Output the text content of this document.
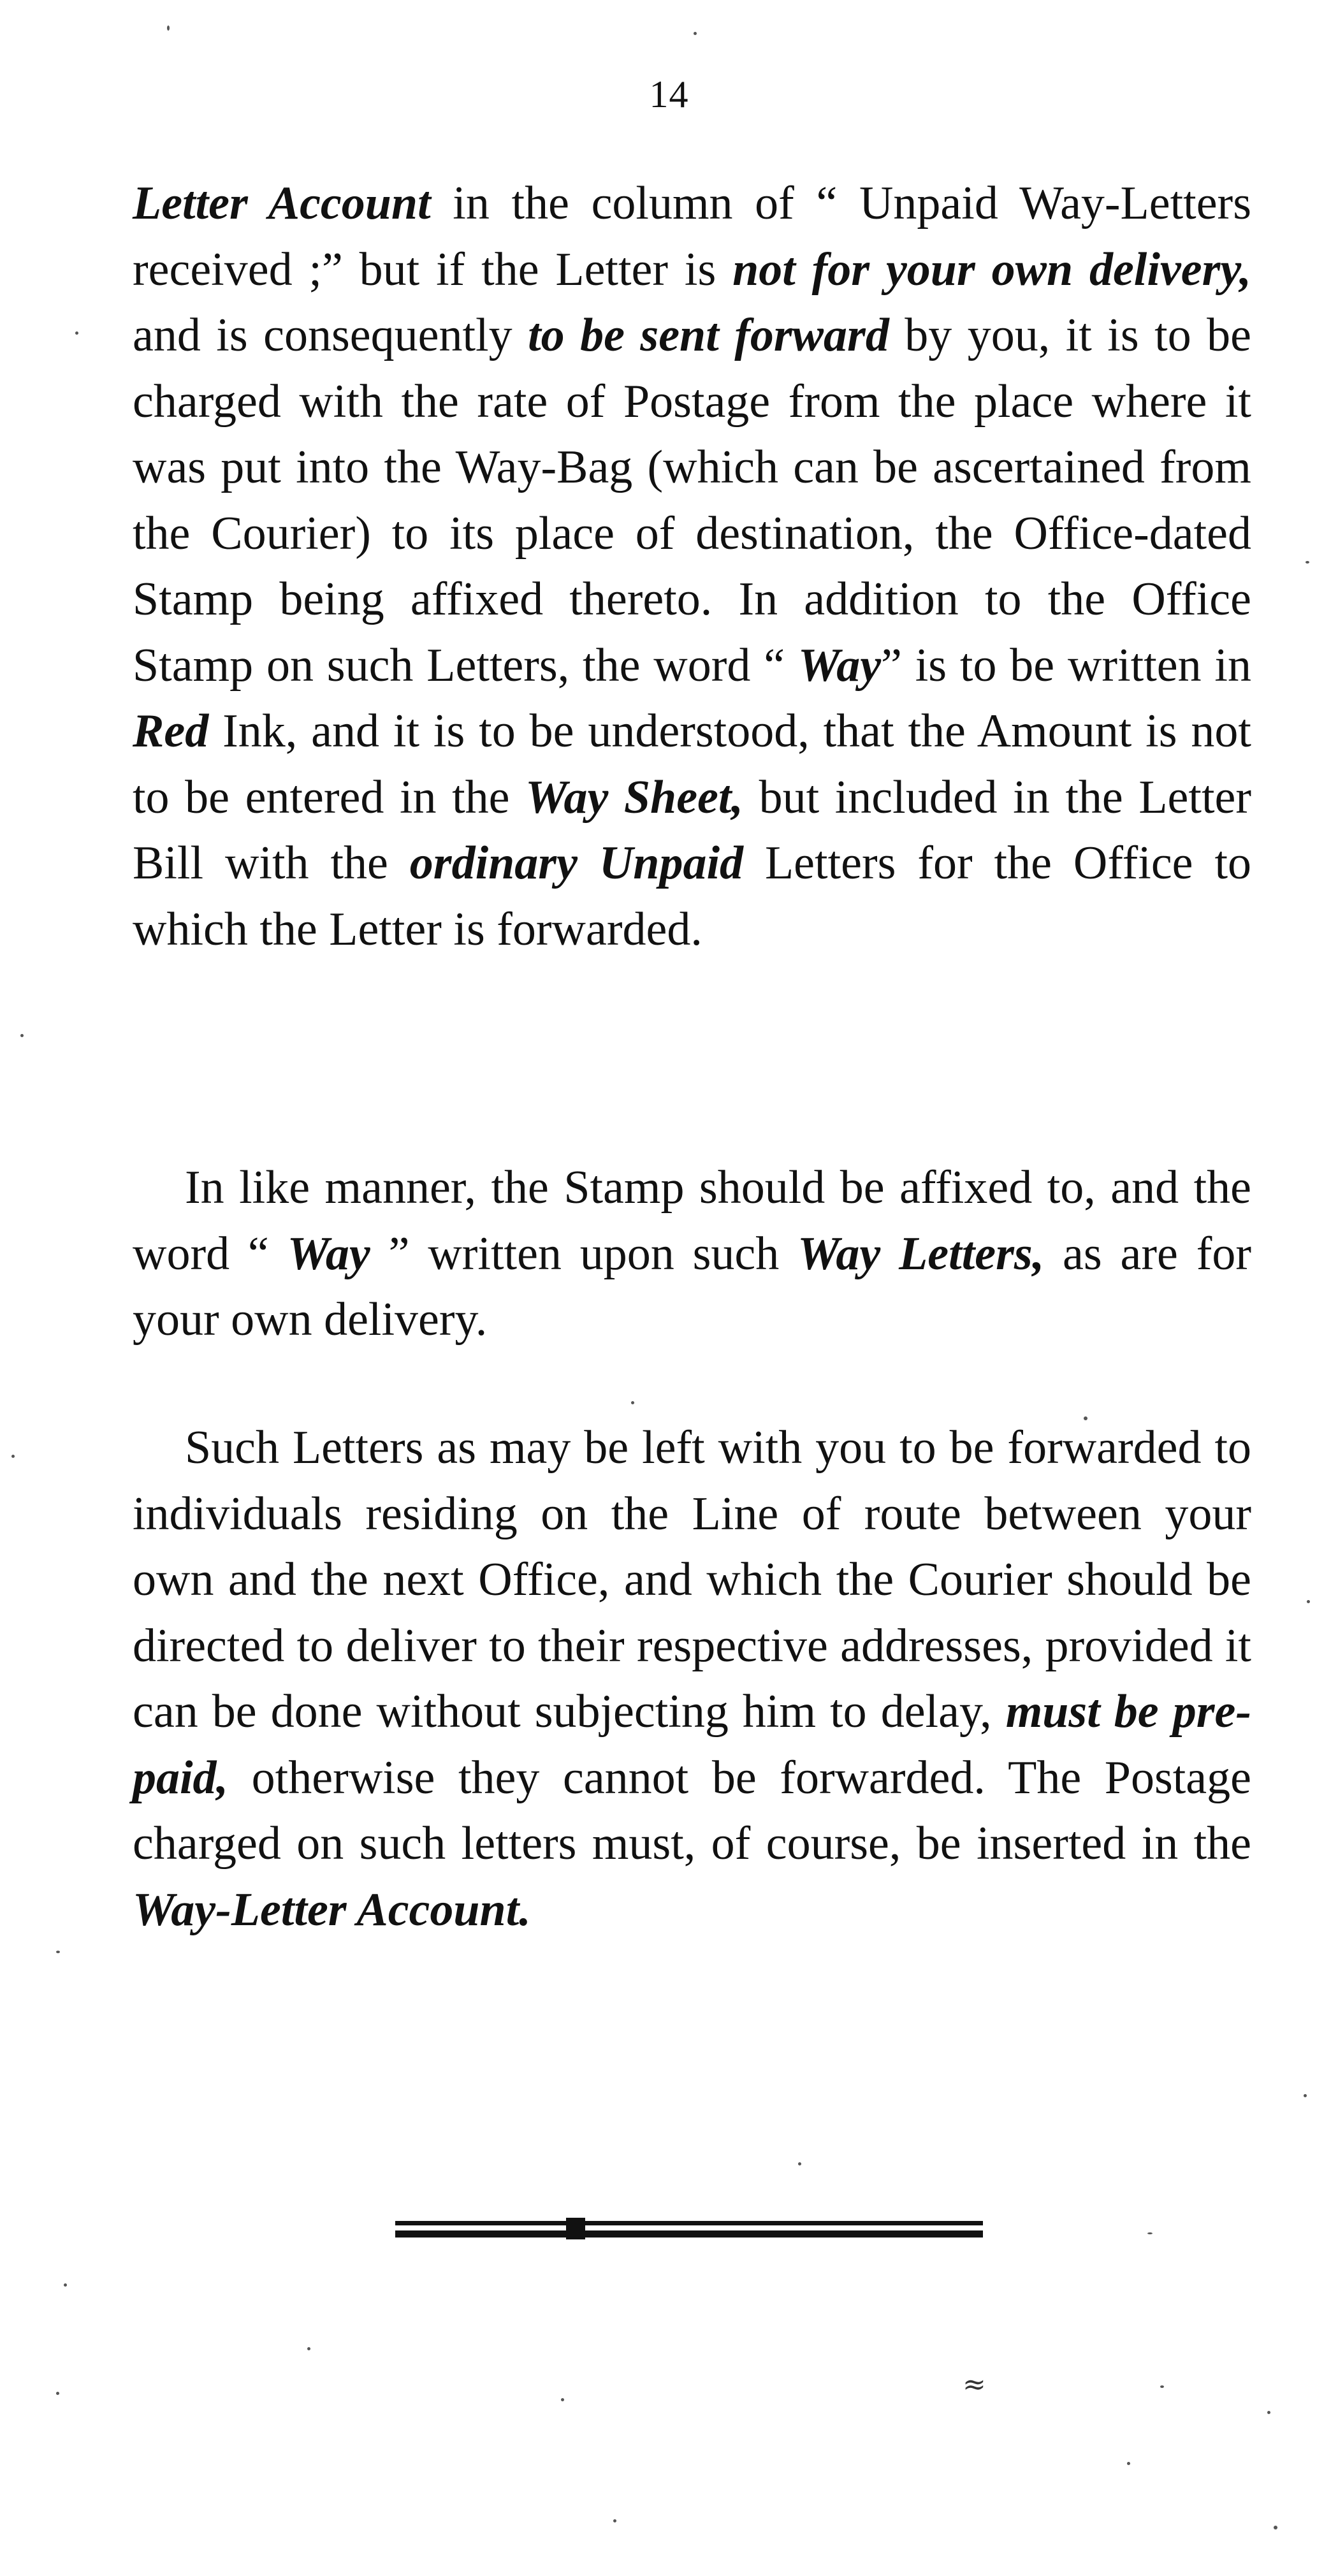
14

Letter Account in the column of “ Unpaid Way-Letters received ;” but if the Letter is not for your own delivery, and is consequently to be sent forward by you, it is to be charged with the rate of Postage from the place where it was put into the Way-Bag (which can be ascertained from the Courier) to its place of destination, the Office-dated Stamp being affixed thereto. In addition to the Office Stamp on such Letters, the word “ Way” is to be written in Red Ink, and it is to be understood, that the Amount is not to be entered in the Way Sheet, but included in the Letter Bill with the ordinary Unpaid Letters for the Office to which the Letter is forwarded.

In like manner, the Stamp should be affixed to, and the word “ Way ” written upon such Way Letters, as are for your own delivery.

Such Letters as may be left with you to be forwarded to individuals residing on the Line of route between your own and the next Office, and which the Courier should be directed to deliver to their respective addresses, provided it can be done without subjecting him to delay, must be pre-paid, otherwise they cannot be forwarded. The Postage charged on such letters must, of course, be inserted in the Way-Letter Account.

≈
